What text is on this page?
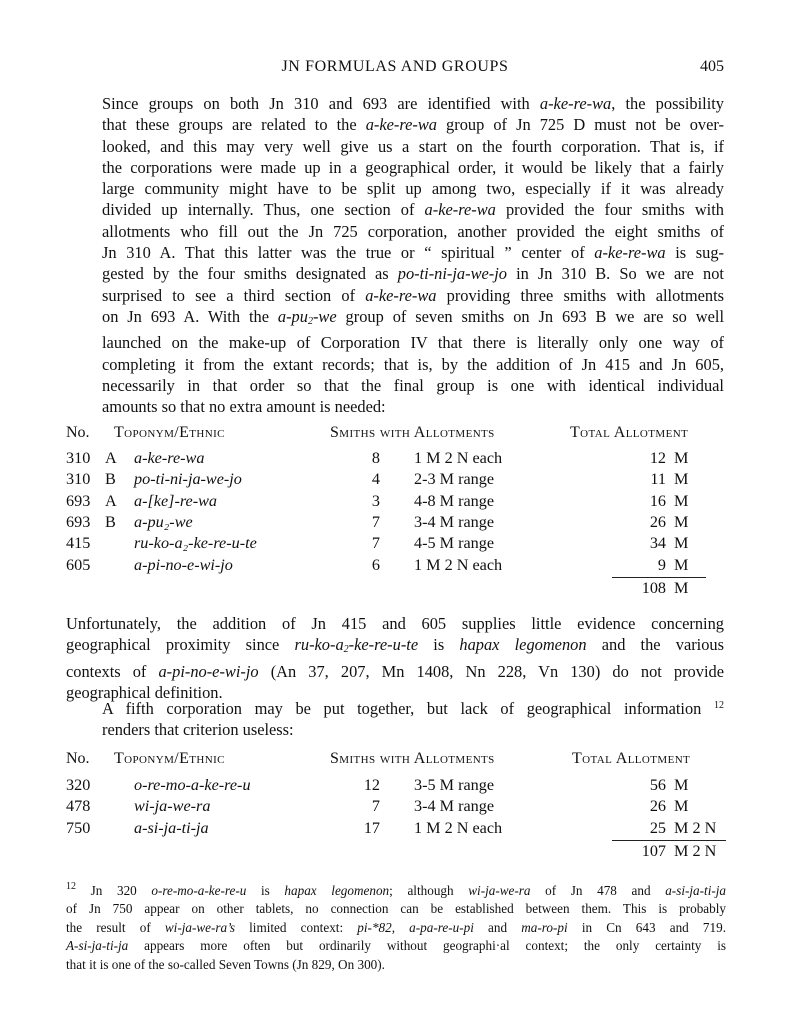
JN FORMULAS AND GROUPS	405
Since groups on both Jn 310 and 693 are identified with a-ke-re-wa, the possibility
that these groups are related to the a-ke-re-wa group of Jn 725 D must not be over-
looked, and this may very well give us a start on the fourth corporation. That is, if
the corporations were made up in a geographical order, it would be likely that a fairly
large community might have to be split up among two, especially if it was already
divided up internally. Thus, one section of a-ke-re-wa provided the four smiths with
allotments who fill out the Jn 725 corporation, another provided the eight smiths of
Jn 310 A. That this latter was the true or “ spiritual ” center of a-ke-re-wa is sug-
gested by the four smiths designated as po-ti-ni-ja-we-jo in Jn 310 B. So we are not
surprised to see a third section of a-ke-re-wa providing three smiths with allotments
on Jn 693 A. With the $a-pu_2-we$ group of seven smiths on Jn 693 B we are so well
launched on the make-up of Corporation IV that there is literally only one way of
completing it from the extant records; that is, by the addition of Jn 415 and Jn 605,
necessarily in that order so that the final group is one with identical individual
amounts so that no extra amount is needed:
No. Toponym/Ethnic	Smiths with Allotments	Total Allotment
310 A a-ke-re-wa	8 1 M 2 N each	12 M
310 B po-ti-ni-ja-we-jo	4 2-3 M range	11 M
693 A a-[ke]-re-wa	3 4-8 M range	16 M
693 B a-pu₂-we	7 3-4 M range	26 M
415	ru-ko-a₂-ke-re-u-te	7 4-5 M range	34 M
605	a-pi-no-e-wi-jo	6 1 M 2 N each	9 M
108 M
Unfortunately, the addition of Jn 415 and 605 supplies little evidence concerning
geographical proximity since $ru-ko-a_2-ke-re-u-te$ is hapax legomenon and the various
contexts of a-pi-no-e-wi-jo (An 37, 207, Mn 1408, Nn 228, Vn 130) do not provide
geographical definition.
A fifth corporation may be put together, but lack of geographical information $^{12}$
renders that criterion useless:
No. Toponym/Ethnic	Smiths with Allotments	Total Allotment
320	o-re-mo-a-ke-re-u	12 3-5 M range	56 M
478	wi-ja-we-ra	7 3-4 M range	26 M
750	a-si-ja-ti-ja	17 1 M 2 N each	25 M 2 N
107 M 2 N
$^{12}$ Jn 320 o-re-mo-a-ke-re-u is hapax legomenon; although wi-ja-we-ra of Jn 478 and a-si-ja-ti-ja
of Jn 750 appear on other tablets, no connection can be established between them. This is probably
the result of wi-ja-we-ra’s limited context: pi-*82, a-pa-re-u-pi and ma-ro-pi in Cn 643 and 719.
A-si-ja-ti-ja appears more often but ordinarily without geographi·al context; the only certainty is
that it is one of the so-called Seven Towns (Jn 829, On 300).
